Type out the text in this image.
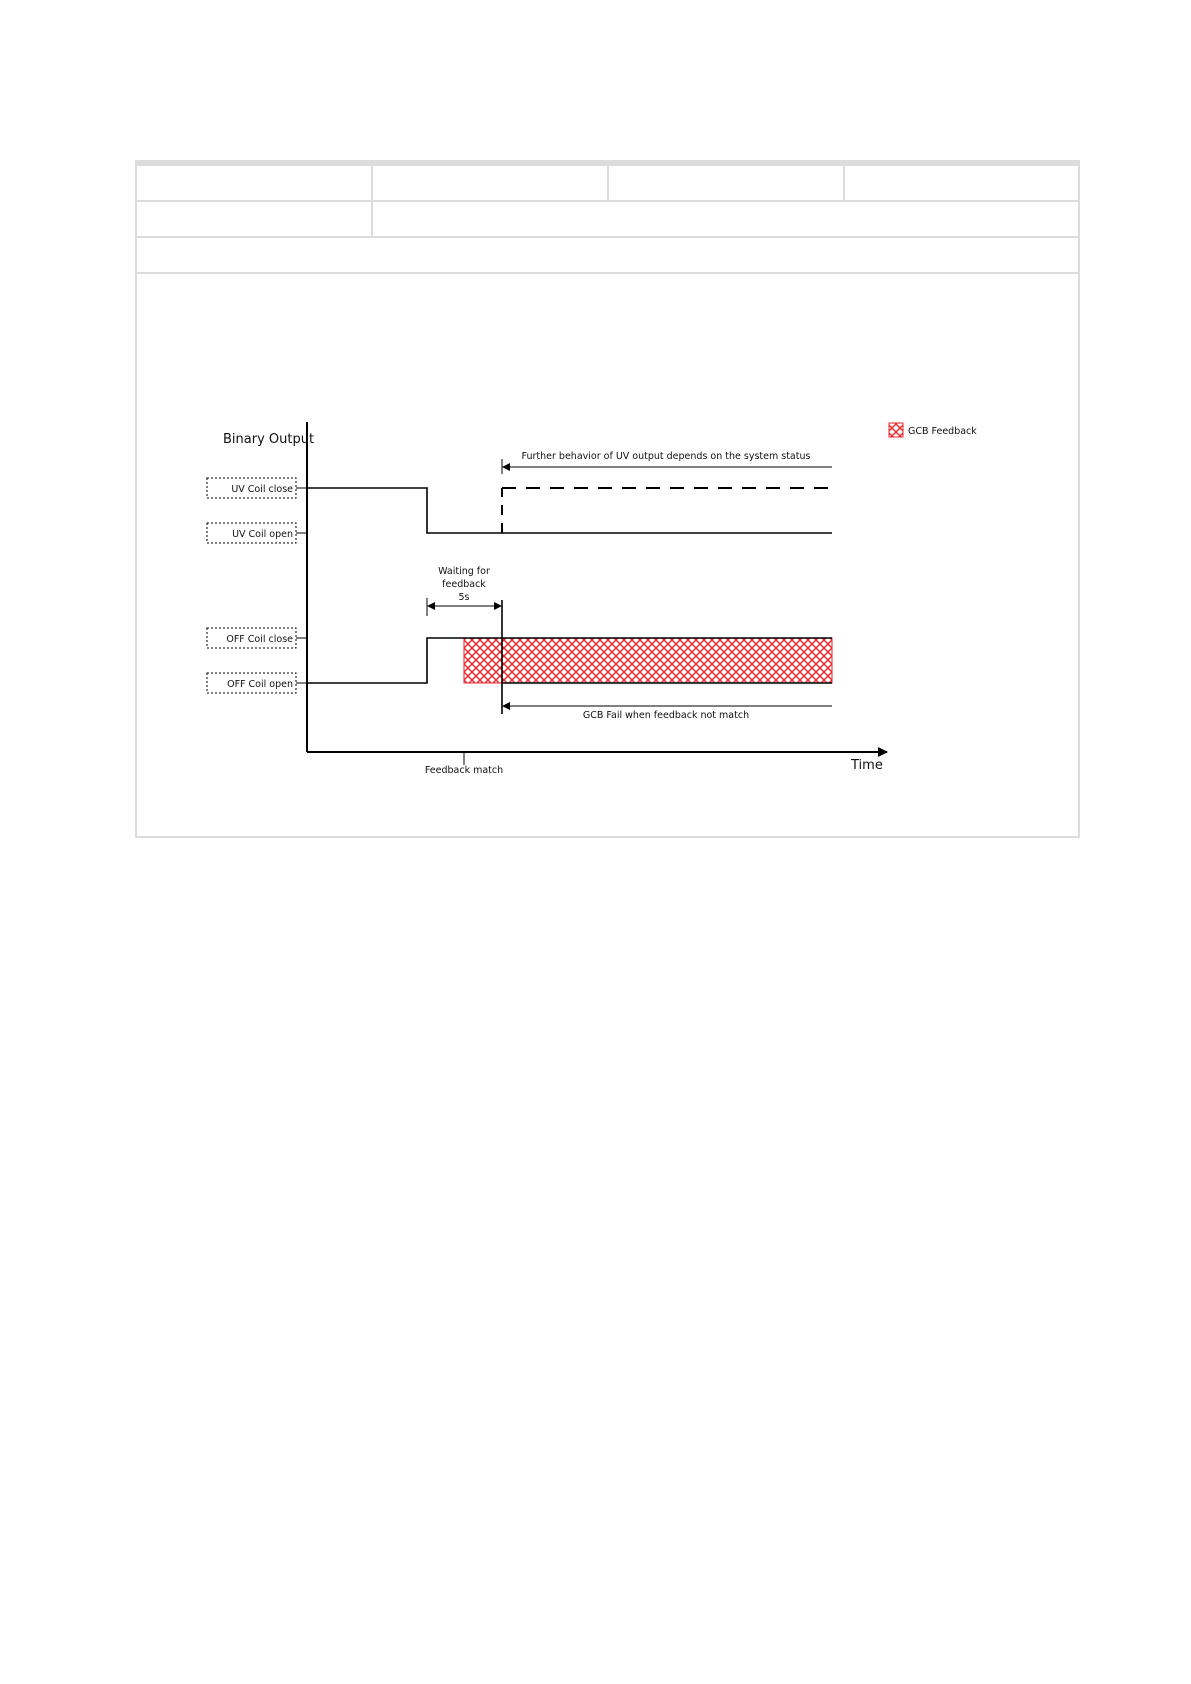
Binary Output
Time
UV Coil close
UV Coil open
OFF Coil close
OFF Coil open
Further behavior of UV output depends on the system status
Waiting for
feedback
5s
GCB Fail when feedback not match
Feedback match
GCB Feedback
